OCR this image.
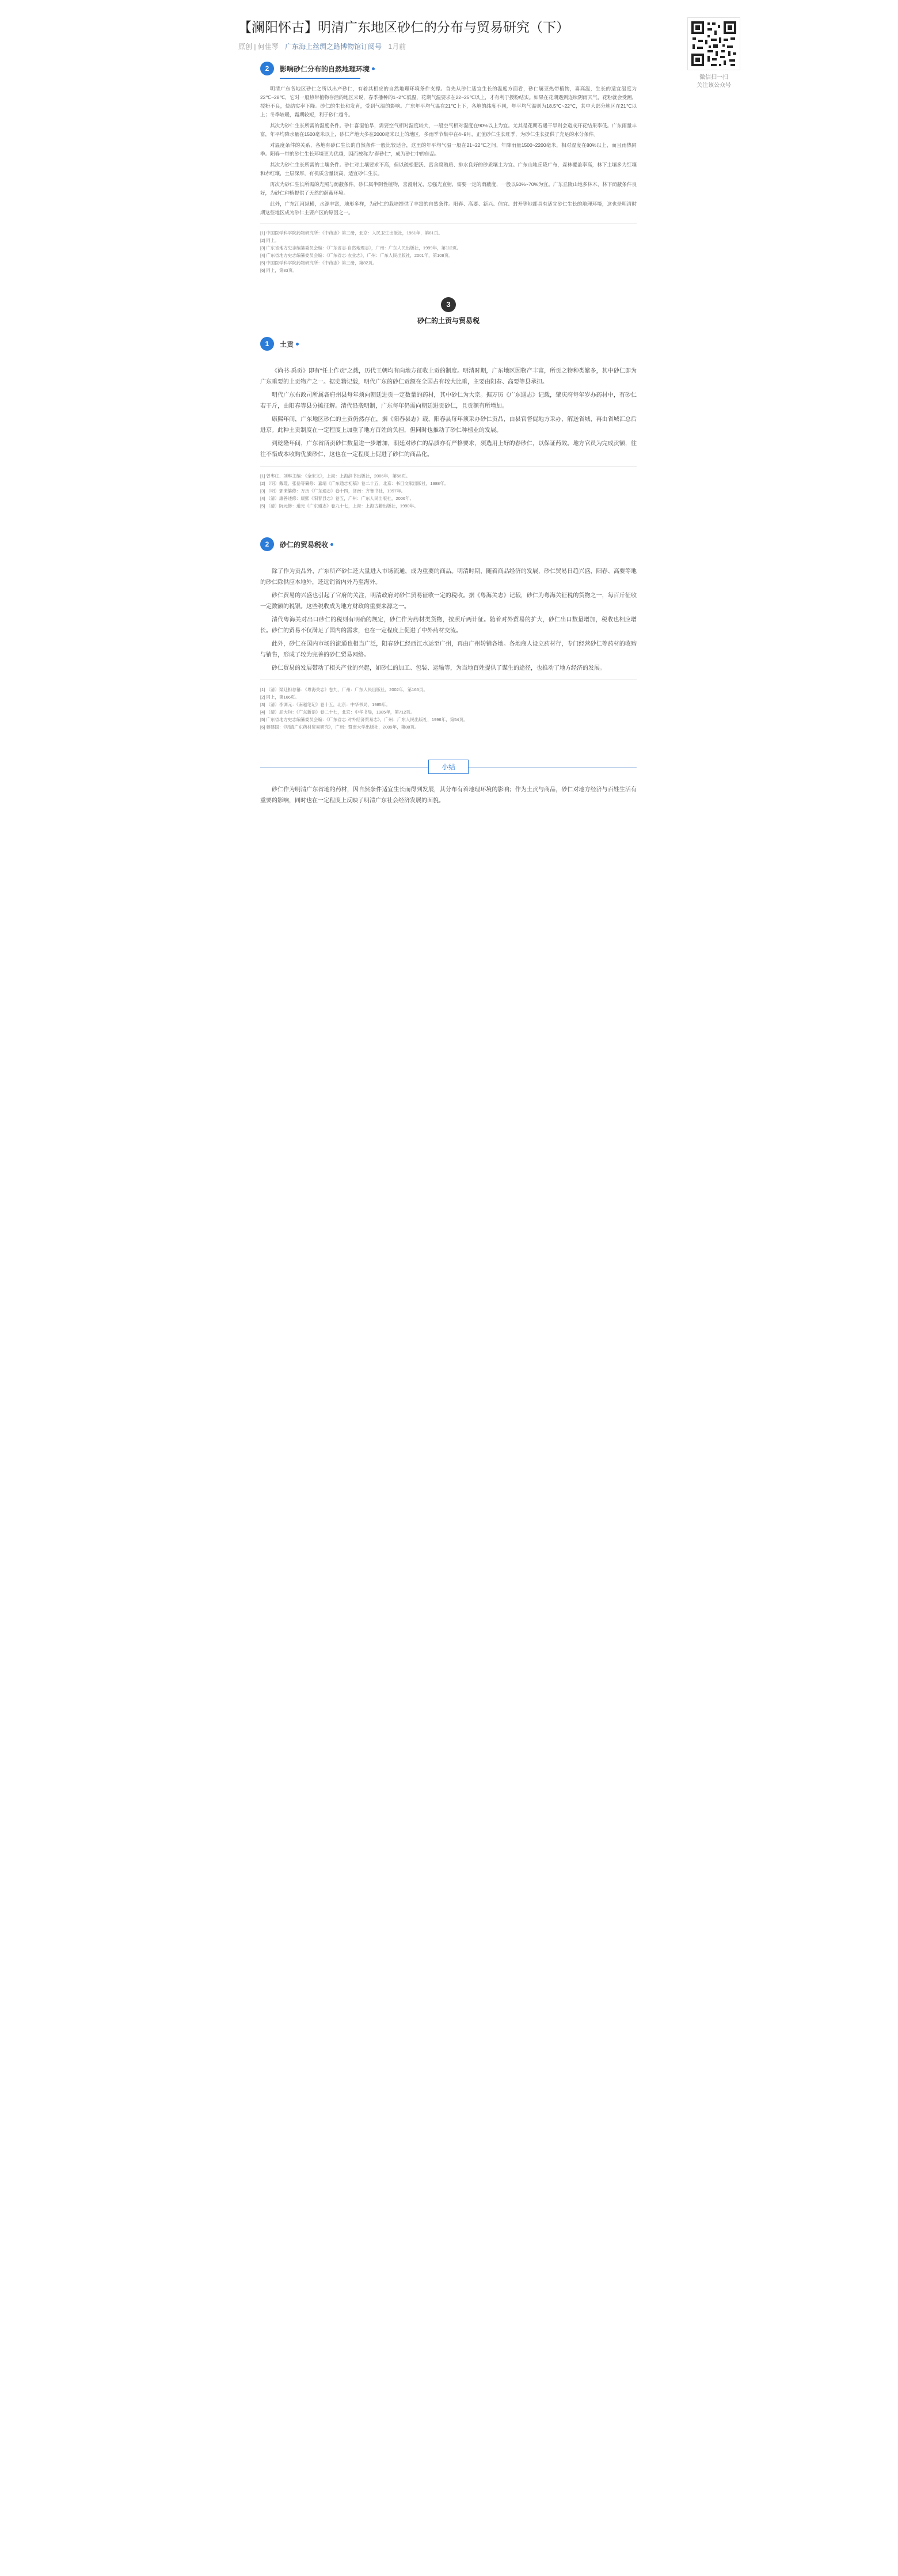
【澜阳怀古】明清广东地区砂仁的分布与贸易研究（下）
原创 | 何佳琴 广东海上丝绸之路博物馆订阅号 1月前
2	影响砂仁分布的自然地理环境

明清广东各地区砂仁之所以出产砂仁，有着其相应的自然地理环境条件支撑。首先从砂仁适宜生长的温度方面看，砂仁属亚热带植物，喜高温，生长的适宜温度为22℃~28℃，它对一般热带植物存活的地区来说，春季播种的1~2℃低温，花期气温要求在22~25℃以上，才有利于授粉结实。如果在花期遇到连续阴雨天气，花粉就会受潮，授粉不良，使结实率下降。砂仁的生长和发育，受到气温的影响。广东年平均气温在21℃上下，各地的纬度不同，年平均气温则为18.5℃~22℃，其中大部分地区在21℃以上；冬季较暖，霜期较短，利于砂仁越冬。

其次为砂仁生长所需的湿度条件。砂仁喜湿怕旱，需要空气相对湿度较大，一般空气相对湿度在90%以上为宜。尤其是花期若遇干旱则会造成开花结果率低。广东雨量丰富，年平均降水量在1500毫米以上，砂仁产地大多在2000毫米以上的地区，多雨季节集中在4~9月，正值砂仁生长旺季，为砂仁生长提供了充足的水分条件。

对温度条件的关系，各地有砂仁生长的自然条件一般比较适合，这里的年平均气温一般在21~22℃之间，年降雨量1500~2200毫米，相对湿度在80%以上，而且雨热同季。阳春一带的砂仁生长环境更为优越，因而被称为“春砂仁”，成为砂仁中的佳品。

其次为砂仁生长所需的土壤条件。砂仁对土壤要求不高，但以疏松肥沃、富含腐殖质、排水良好的砂质壤土为宜。广东山地丘陵广布，森林覆盖率高，林下土壤多为红壤和赤红壤，土层深厚，有机质含量较高，适宜砂仁生长。

再次为砂仁生长所需的光照与荫蔽条件。砂仁属半阴性植物，喜漫射光，忌强光直射，需要一定的荫蔽度，一般以50%~70%为宜。广东丘陵山地多林木，林下荫蔽条件良好，为砂仁种植提供了天然的荫蔽环境。

此外，广东江河纵横，水源丰富，地形多样，为砂仁的栽培提供了丰富的自然条件。阳春、高要、新兴、信宜、封开等地都具有适宜砂仁生长的地理环境，这也是明清时期这些地区成为砂仁主要产区的原因之一。

[1] 中国医学科学院药物研究所：《中药志》第三册，北京：人民卫生出版社，1961年，第81页。
[2] 同上。
[3] 广东省地方史志编纂委员会编：《广东省志·自然地理志》，广州：广东人民出版社，1999年，第112页。
[4] 广东省地方史志编纂委员会编：《广东省志·农业志》，广州：广东人民出版社，2001年，第108页。
[5] 中国医学科学院药物研究所：《中药志》第三册，第82页。
[6] 同上，第83页。
3
砂仁的土贡与贸易税
1	土贡

《尚书·禹贡》即有“任土作贡”之载，历代王朝均有向地方征收土贡的制度。明清时期，广东地区因物产丰富，所贡之物种类繁多，其中砂仁即为广东重要的土贡物产之一。据史籍记载，明代广东的砂仁贡额在全国占有较大比重，主要由阳春、高要等县承担。

明代广东布政司所属各府州县每年须向朝廷进贡一定数量的药材，其中砂仁为大宗。据万历《广东通志》记载，肇庆府每年岁办药材中，有砂仁若干斤，由阳春等县分摊征解。清代沿袭明制，广东每年仍需向朝廷进贡砂仁，且贡额有所增加。

康熙年间，广东地区砂仁的土贡仍然存在，据《阳春县志》载，阳春县每年须采办砂仁贡品，由县官督促地方采办，解送省城，再由省城汇总后进京。此种土贡制度在一定程度上加重了地方百姓的负担，但同时也推动了砂仁种植业的发展。

到乾隆年间，广东省所贡砂仁数量进一步增加，朝廷对砂仁的品质亦有严格要求，须选用上好的春砂仁，以保证药效。地方官员为完成贡额，往往不惜成本收购优质砂仁，这也在一定程度上促进了砂仁的商品化。

[1] 曾枣庄、刘琳主编：《全宋文》，上海：上海辞书出版社，2006年，第56页。
[2] （明）戴璟、张岳等纂修：嘉靖《广东通志初稿》卷二十五，北京：书目文献出版社，1988年。
[3] （明）郭棐纂修：万历《广东通志》卷十四，济南：齐鲁书社，1997年。
[4] （清）康善述修：康熙《阳春县志》卷五，广州：广东人民出版社，2006年。
[5] （清）阮元修：道光《广东通志》卷九十七，上海：上海古籍出版社，1990年。
2	砂仁的贸易税收

除了作为贡品外，广东所产砂仁还大量进入市场流通，成为重要的商品。明清时期，随着商品经济的发展，砂仁贸易日趋兴盛，阳春、高要等地的砂仁除供应本地外，还远销省内外乃至海外。

砂仁贸易的兴盛也引起了官府的关注，明清政府对砂仁贸易征收一定的税收。据《粤海关志》记载，砂仁为粤海关征税的货物之一，每百斤征收一定数额的税银。这些税收成为地方财政的重要来源之一。

清代粤海关对出口砂仁的税则有明确的规定，砂仁作为药材类货物，按照斤两计征。随着对外贸易的扩大，砂仁出口数量增加，税收也相应增长。砂仁的贸易不仅满足了国内的需求，也在一定程度上促进了中外药材交流。

此外，砂仁在国内市场的流通也相当广泛，阳春砂仁经西江水运至广州，再由广州转销各地。各地商人设立药材行，专门经营砂仁等药材的收购与销售，形成了较为完善的砂仁贸易网络。

砂仁贸易的发展带动了相关产业的兴起，如砂仁的加工、包装、运输等，为当地百姓提供了谋生的途径，也推动了地方经济的发展。

[1] （清）梁廷枏总纂：《粤海关志》卷九，广州：广东人民出版社，2002年，第165页。
[2] 同上，第166页。
[3] （清）李调元：《南越笔记》卷十五，北京：中华书局，1985年。
[4] （清）屈大均：《广东新语》卷二十七，北京：中华书局，1985年，第712页。
[5] 广东省地方史志编纂委员会编：《广东省志·对外经济贸易志》，广州：广东人民出版社，1996年，第54页。
[6] 蒋建国：《明清广东药材贸易研究》，广州：暨南大学出版社，2009年，第88页。
小结

砂仁作为明清广东省地的药材，因自然条件适宜生长而得到发展，其分布有着地理环境的影响；作为土贡与商品，砂仁对地方经济与百姓生活有重要的影响，同时也在一定程度上反映了明清广东社会经济发展的面貌。

微信扫一扫
关注该公众号
